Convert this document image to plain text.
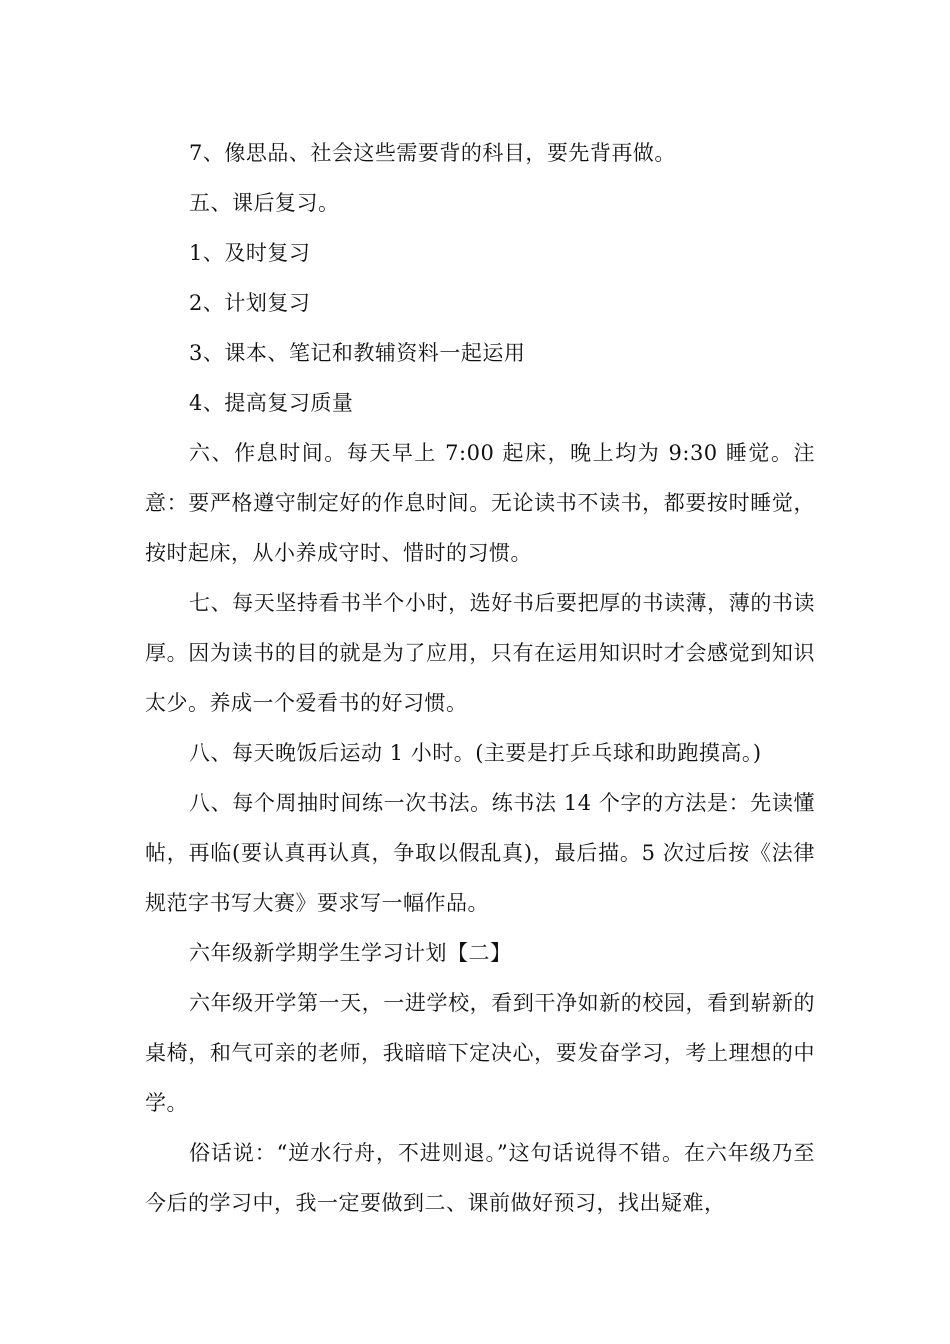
7、像思品、社会这些需要背的科目，要先背再做。

五、课后复习。

1、及时复习

2、计划复习

3、课本、笔记和教辅资料一起运用

4、提高复习质量

六、作息时间。每天早上 7:00 起床，晚上均为 9:30 睡觉。注意：要严格遵守制定好的作息时间。无论读书不读书，都要按时睡觉，按时起床，从小养成守时、惜时的习惯。

七、每天坚持看书半个小时，选好书后要把厚的书读薄，薄的书读厚。因为读书的目的就是为了应用，只有在运用知识时才会感觉到知识太少。养成一个爱看书的好习惯。

八、每天晚饭后运动 1 小时。(主要是打乒乓球和助跑摸高。)

八、每个周抽时间练一次书法。练书法 14 个字的方法是：先读懂帖，再临(要认真再认真，争取以假乱真)，最后描。5 次过后按《法律规范字书写大赛》要求写一幅作品。

六年级新学期学生学习计划【二】

六年级开学第一天，一进学校，看到干净如新的校园，看到崭新的桌椅，和气可亲的老师，我暗暗下定决心，要发奋学习，考上理想的中学。

俗话说：“逆水行舟，不进则退。”这句话说得不错。在六年级乃至今后的学习中，我一定要做到二、课前做好预习，找出疑难，
